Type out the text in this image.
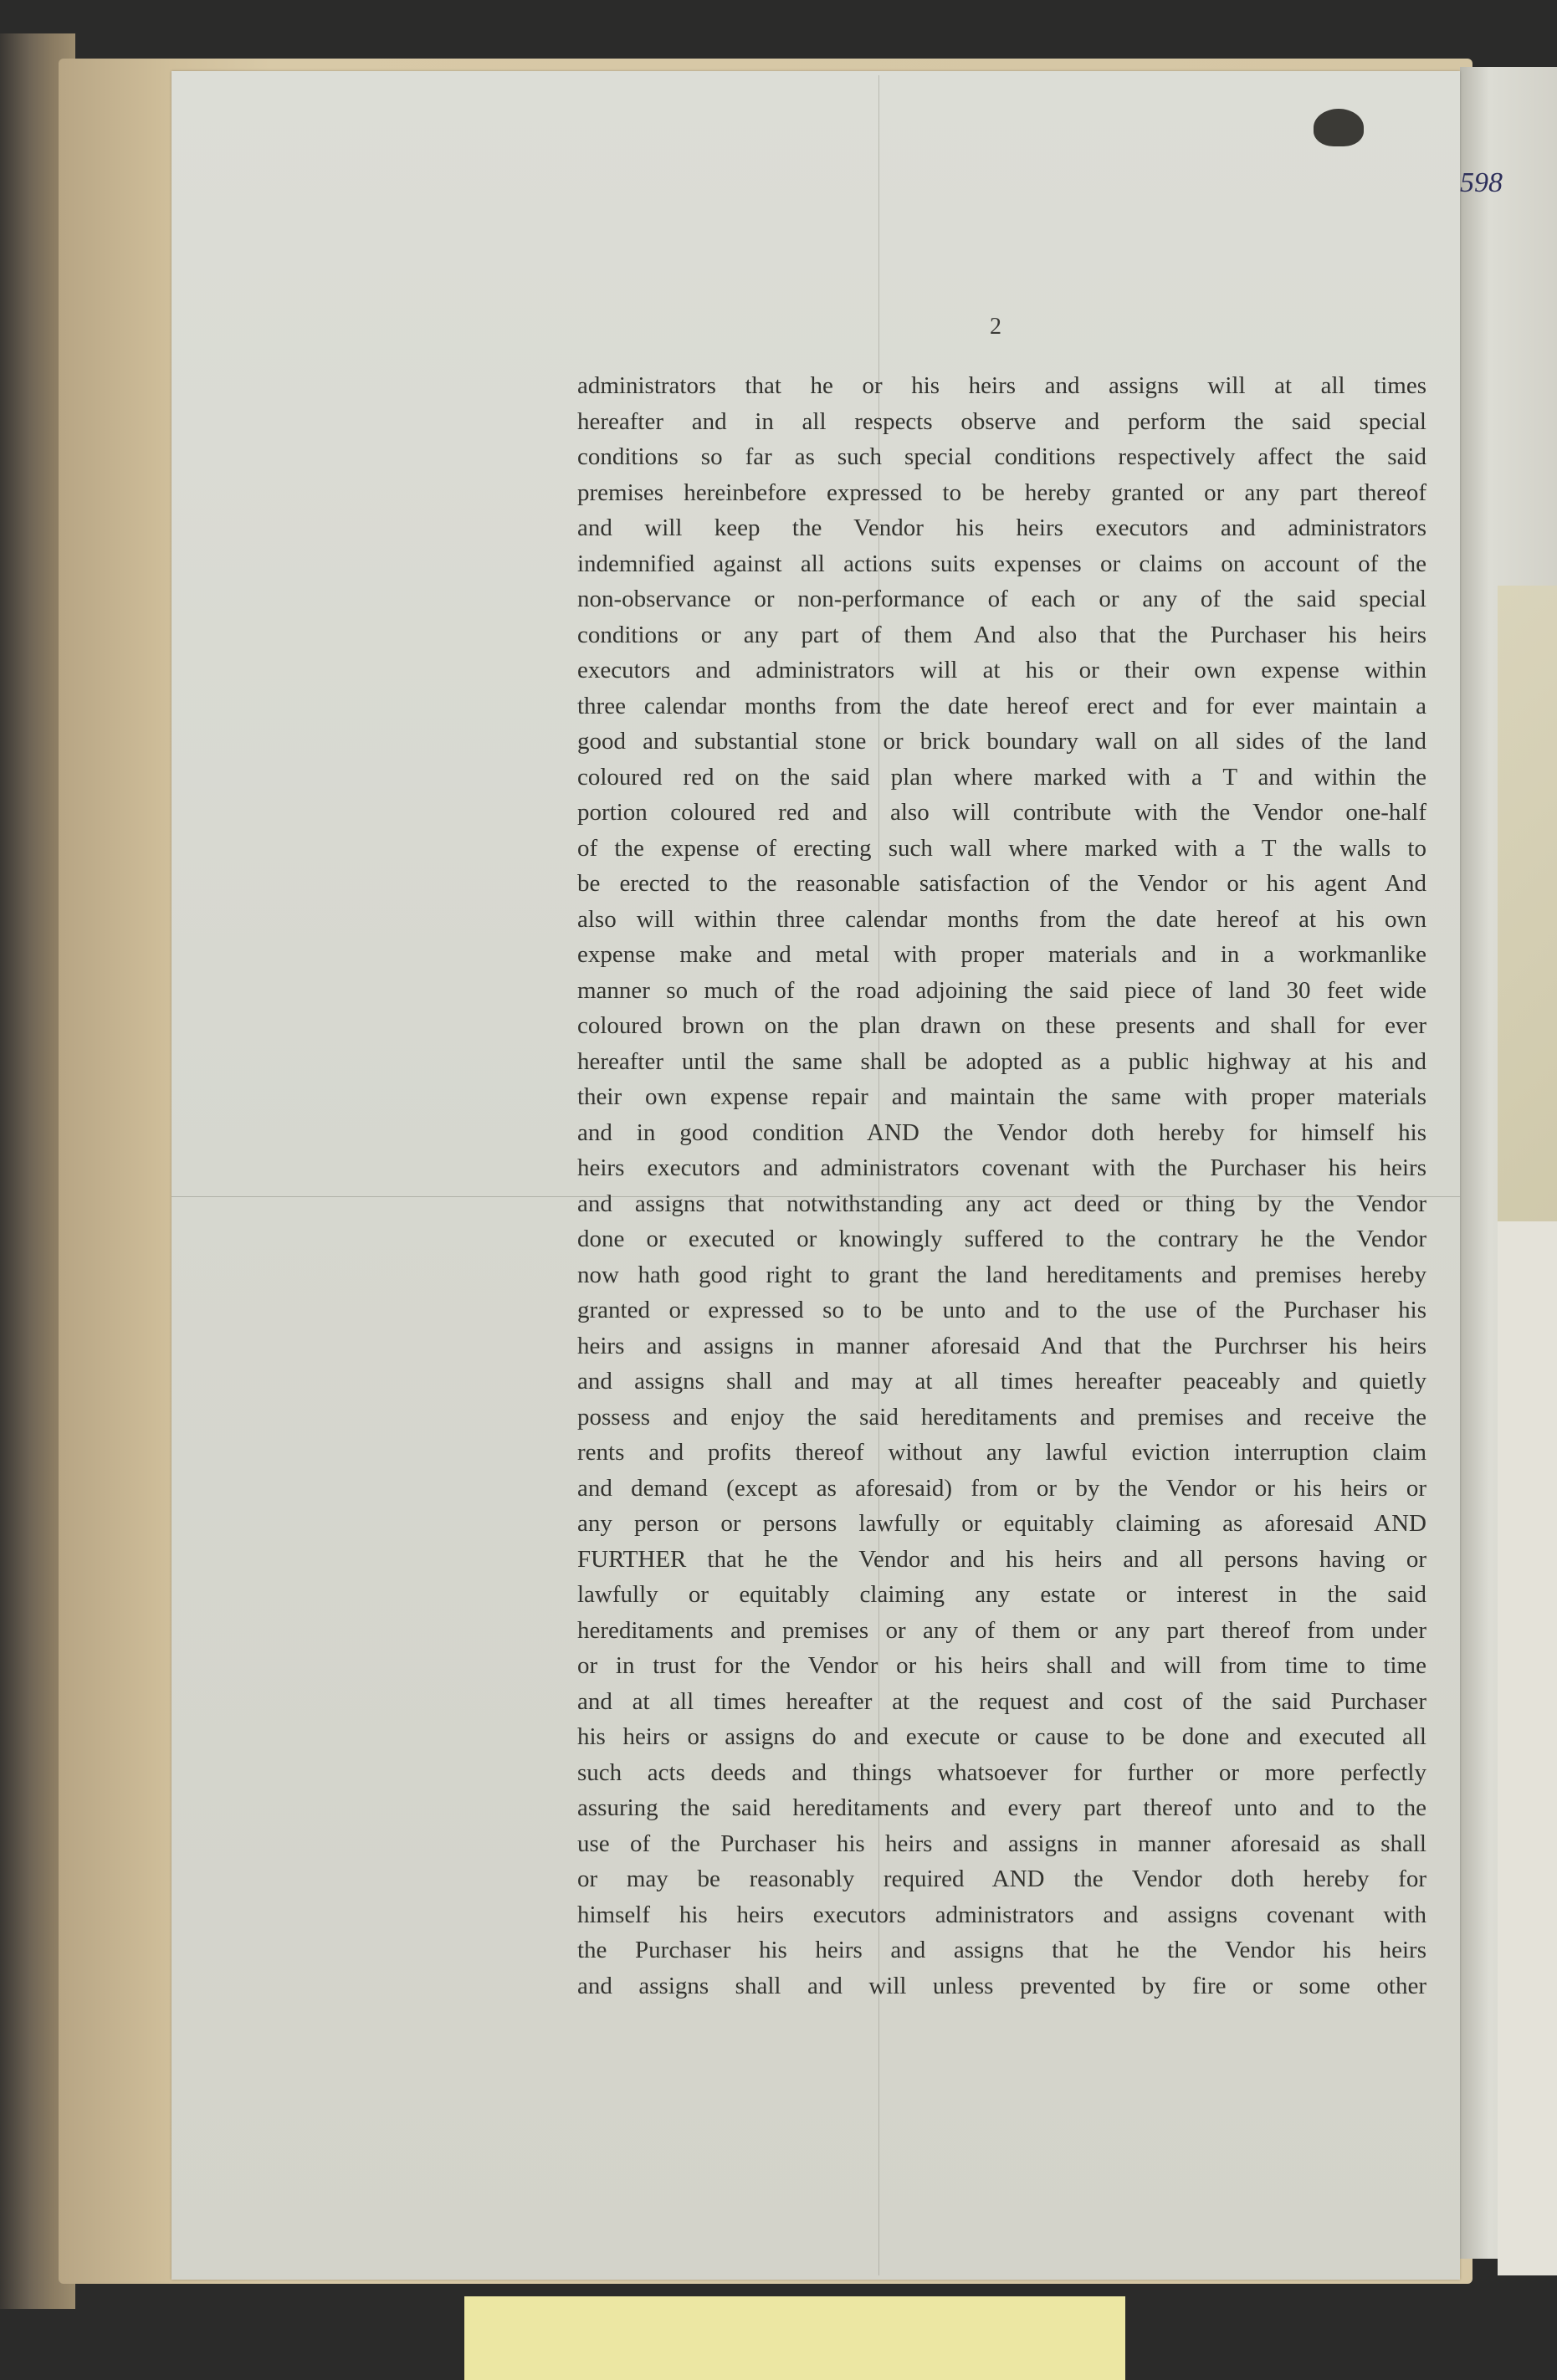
598
2
administrators that he or his heirs and assigns will at all times
hereafter and in all respects observe and perform the said special
conditions so far as such special conditions respectively affect the said
premises hereinbefore expressed to be hereby granted or any part thereof
and will keep the Vendor his heirs executors and administrators
indemnified against all actions suits expenses or claims on account of the
non-observance or non-performance of each or any of the said special
conditions or any part of them And also that the Purchaser his heirs
executors and administrators will at his or their own expense within
three calendar months from the date hereof erect and for ever maintain a
good and substantial stone or brick boundary wall on all sides of the land
coloured red on the said plan where marked with a T and within the
portion coloured red and also will contribute with the Vendor one-half
of the expense of erecting such wall where marked with a T the walls to
be erected to the reasonable satisfaction of the Vendor or his agent And
also will within three calendar months from the date hereof at his own
expense make and metal with proper materials and in a workmanlike
manner so much of the road adjoining the said piece of land 30 feet wide
coloured brown on the plan drawn on these presents and shall for ever
hereafter until the same shall be adopted as a public highway at his and
their own expense repair and maintain the same with proper materials
and in good condition AND the Vendor doth hereby for himself his
heirs executors and administrators covenant with the Purchaser his heirs
and assigns that notwithstanding any act deed or thing by the Vendor
done or executed or knowingly suffered to the contrary he the Vendor
now hath good right to grant the land hereditaments and premises hereby
granted or expressed so to be unto and to the use of the Purchaser his
heirs and assigns in manner aforesaid And that the Purchrser his heirs
and assigns shall and may at all times hereafter peaceably and quietly
possess and enjoy the said hereditaments and premises and receive the
rents and profits thereof without any lawful eviction interruption claim
and demand (except as aforesaid) from or by the Vendor or his heirs or
any person or persons lawfully or equitably claiming as aforesaid AND
FURTHER that he the Vendor and his heirs and all persons having or
lawfully or equitably claiming any estate or interest in the said
hereditaments and premises or any of them or any part thereof from under
or in trust for the Vendor or his heirs shall and will from time to time
and at all times hereafter at the request and cost of the said Purchaser
his heirs or assigns do and execute or cause to be done and executed all
such acts deeds and things whatsoever for further or more perfectly
assuring the said hereditaments and every part thereof unto and to the
use of the Purchaser his heirs and assigns in manner aforesaid as shall
or may be reasonably required AND the Vendor doth hereby for
himself his heirs executors administrators and assigns covenant with
the Purchaser his heirs and assigns that he the Vendor his heirs
and assigns shall and will unless prevented by fire or some other
